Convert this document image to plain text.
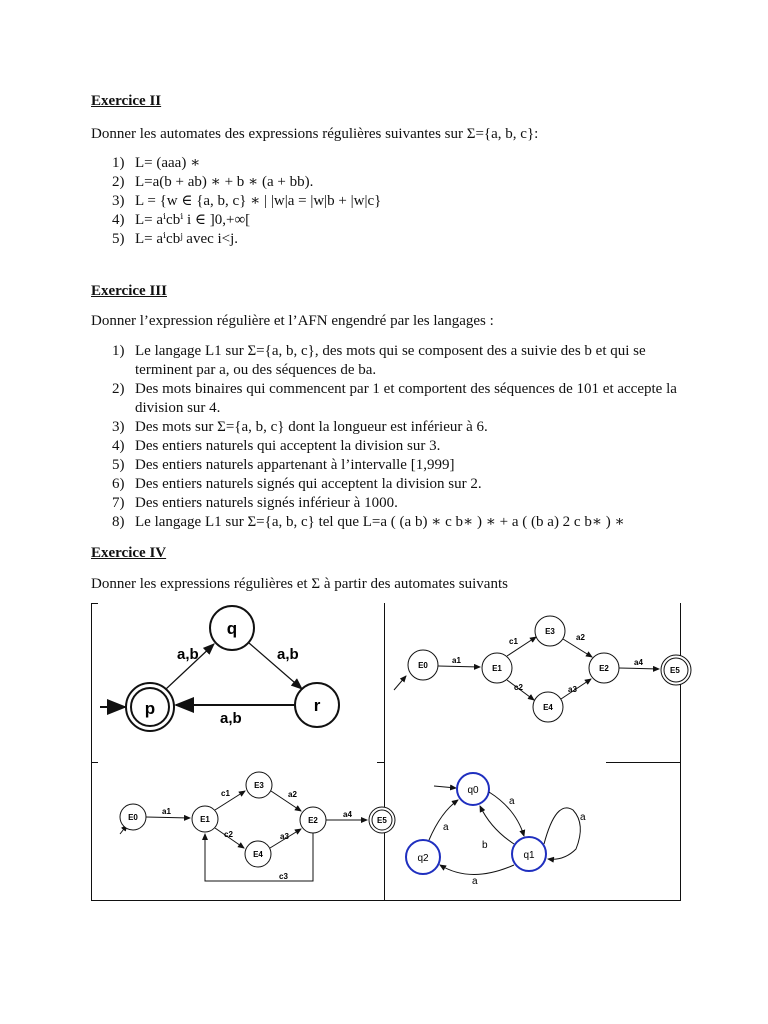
Exercice II
Donner les automates des expressions régulières suivantes sur Σ={a, b, c}:
1) L= (aaa) ∗
2) L=a(b + ab) ∗ + b ∗ (a + bb).
3) L = {w ∈ {a, b, c} ∗ | |w|a = |w|b + |w|c}
4) L= aⁱcbⁱ i ∈ ]0,+∞[
5) L= aⁱcbʲ avec i<j.
Exercice III
Donner l’expression régulière et l’AFN engendré par les langages :
1) Le langage L1 sur Σ={a, b, c}, des mots qui se composent des a suivie des b et qui se terminent par a, ou des séquences de ba.
2) Des mots binaires qui commencent par 1 et comportent des séquences de 101 et accepte la division sur 4.
3) Des mots sur Σ={a, b, c} dont la longueur est inférieur à 6.
4) Des entiers naturels qui acceptent la division sur 3.
5) Des entiers naturels appartenant à l’intervalle [1,999]
6) Des entiers naturels signés qui acceptent la division sur 2.
7) Des entiers naturels signés inférieur à 1000.
8) Le langage L1 sur Σ={a, b, c} tel que L=a ( (a b) ∗ c b∗ ) ∗ + a ( (b a) 2 c b∗ ) ∗
Exercice IV
Donner les expressions régulières et Σ à partir des automates suivants
p
q
r
a,b	a,b
a,b
E0	E1	E2
E3
E4
E5
a1
c1
c2
a2
a3
a4
E0	E1	E2
E3
E4
E5
a1
c1
c2
a2
a3
a4
c3
q0
q1
q2
a
b
a
a
a
